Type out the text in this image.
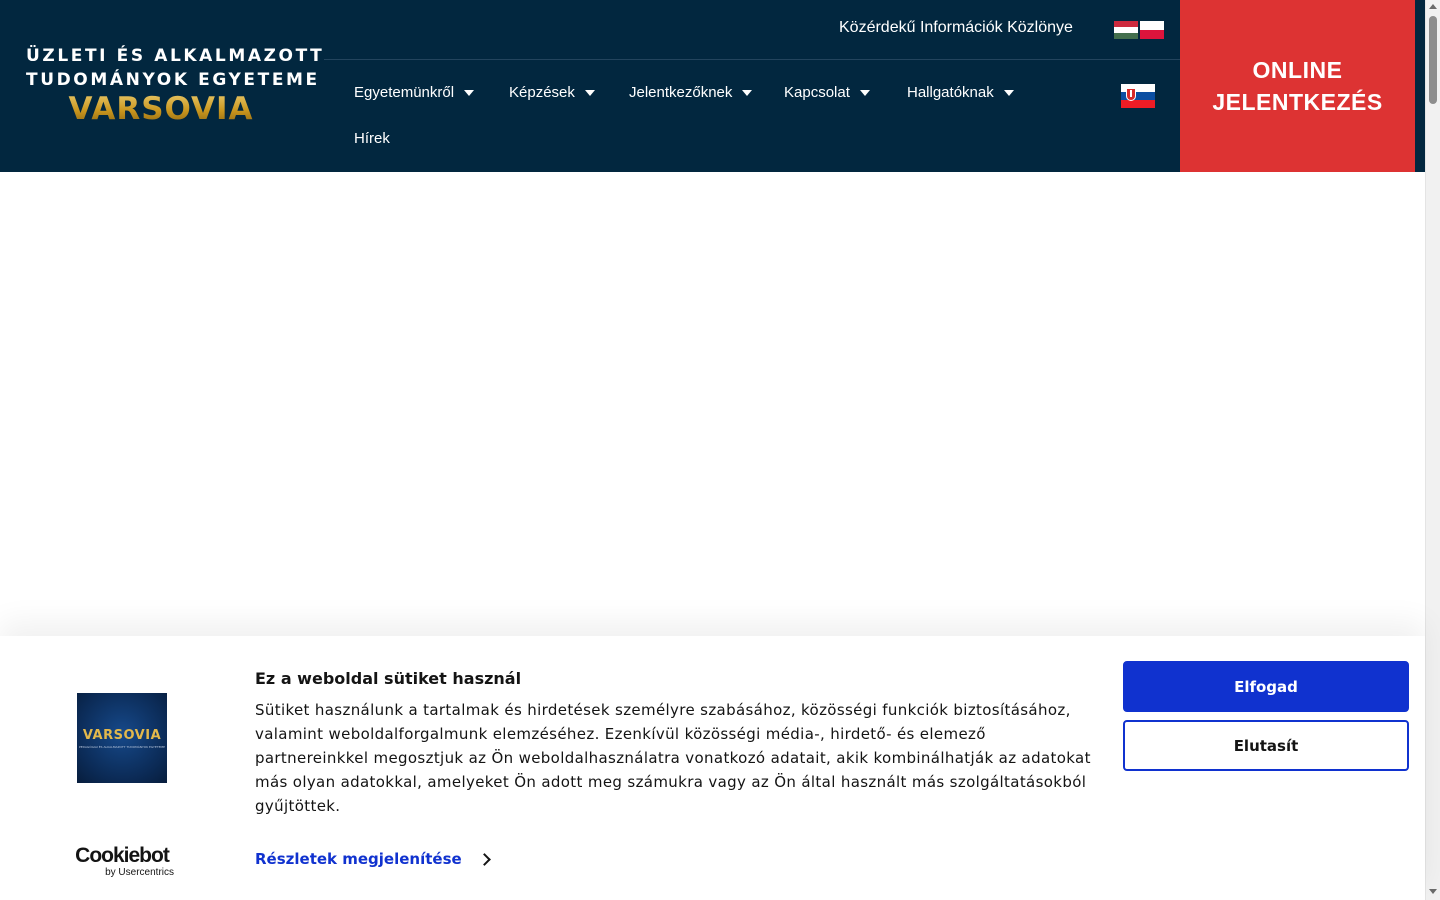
ÜZLETI ÉS ALKALMAZOTT
TUDOMÁNYOK EGYETEME
VARSOVIA
Közérdekű Információk Közlönye
Egyetemünkről	Képzések	Jelentkezőknek	Kapcsolat	Hallgatóknak
Hírek
ONLINE
JELENTKEZÉS
VARSOVIA
PEDAGÓGIAI ÉS ALKALMAZOTT TUDOMÁNYOK EGYETEME
Cookiebot
by Usercentrics
Ez a weboldal sütiket használ

Sütiket használunk a tartalmak és hirdetések személyre szabásához, közösségi funkciók biztosításához, valamint weboldalforgalmunk elemzéséhez. Ezenkívül közösségi média-, hirdető- és elemező partnereinkkel megosztjuk az Ön weboldalhasználatra vonatkozó adatait, akik kombinálhatják az adatokat más olyan adatokkal, amelyeket Ön adott meg számukra vagy az Ön által használt más szolgáltatásokból gyűjtöttek.

Részletek megjelenítése
Elfogad
Elutasít
